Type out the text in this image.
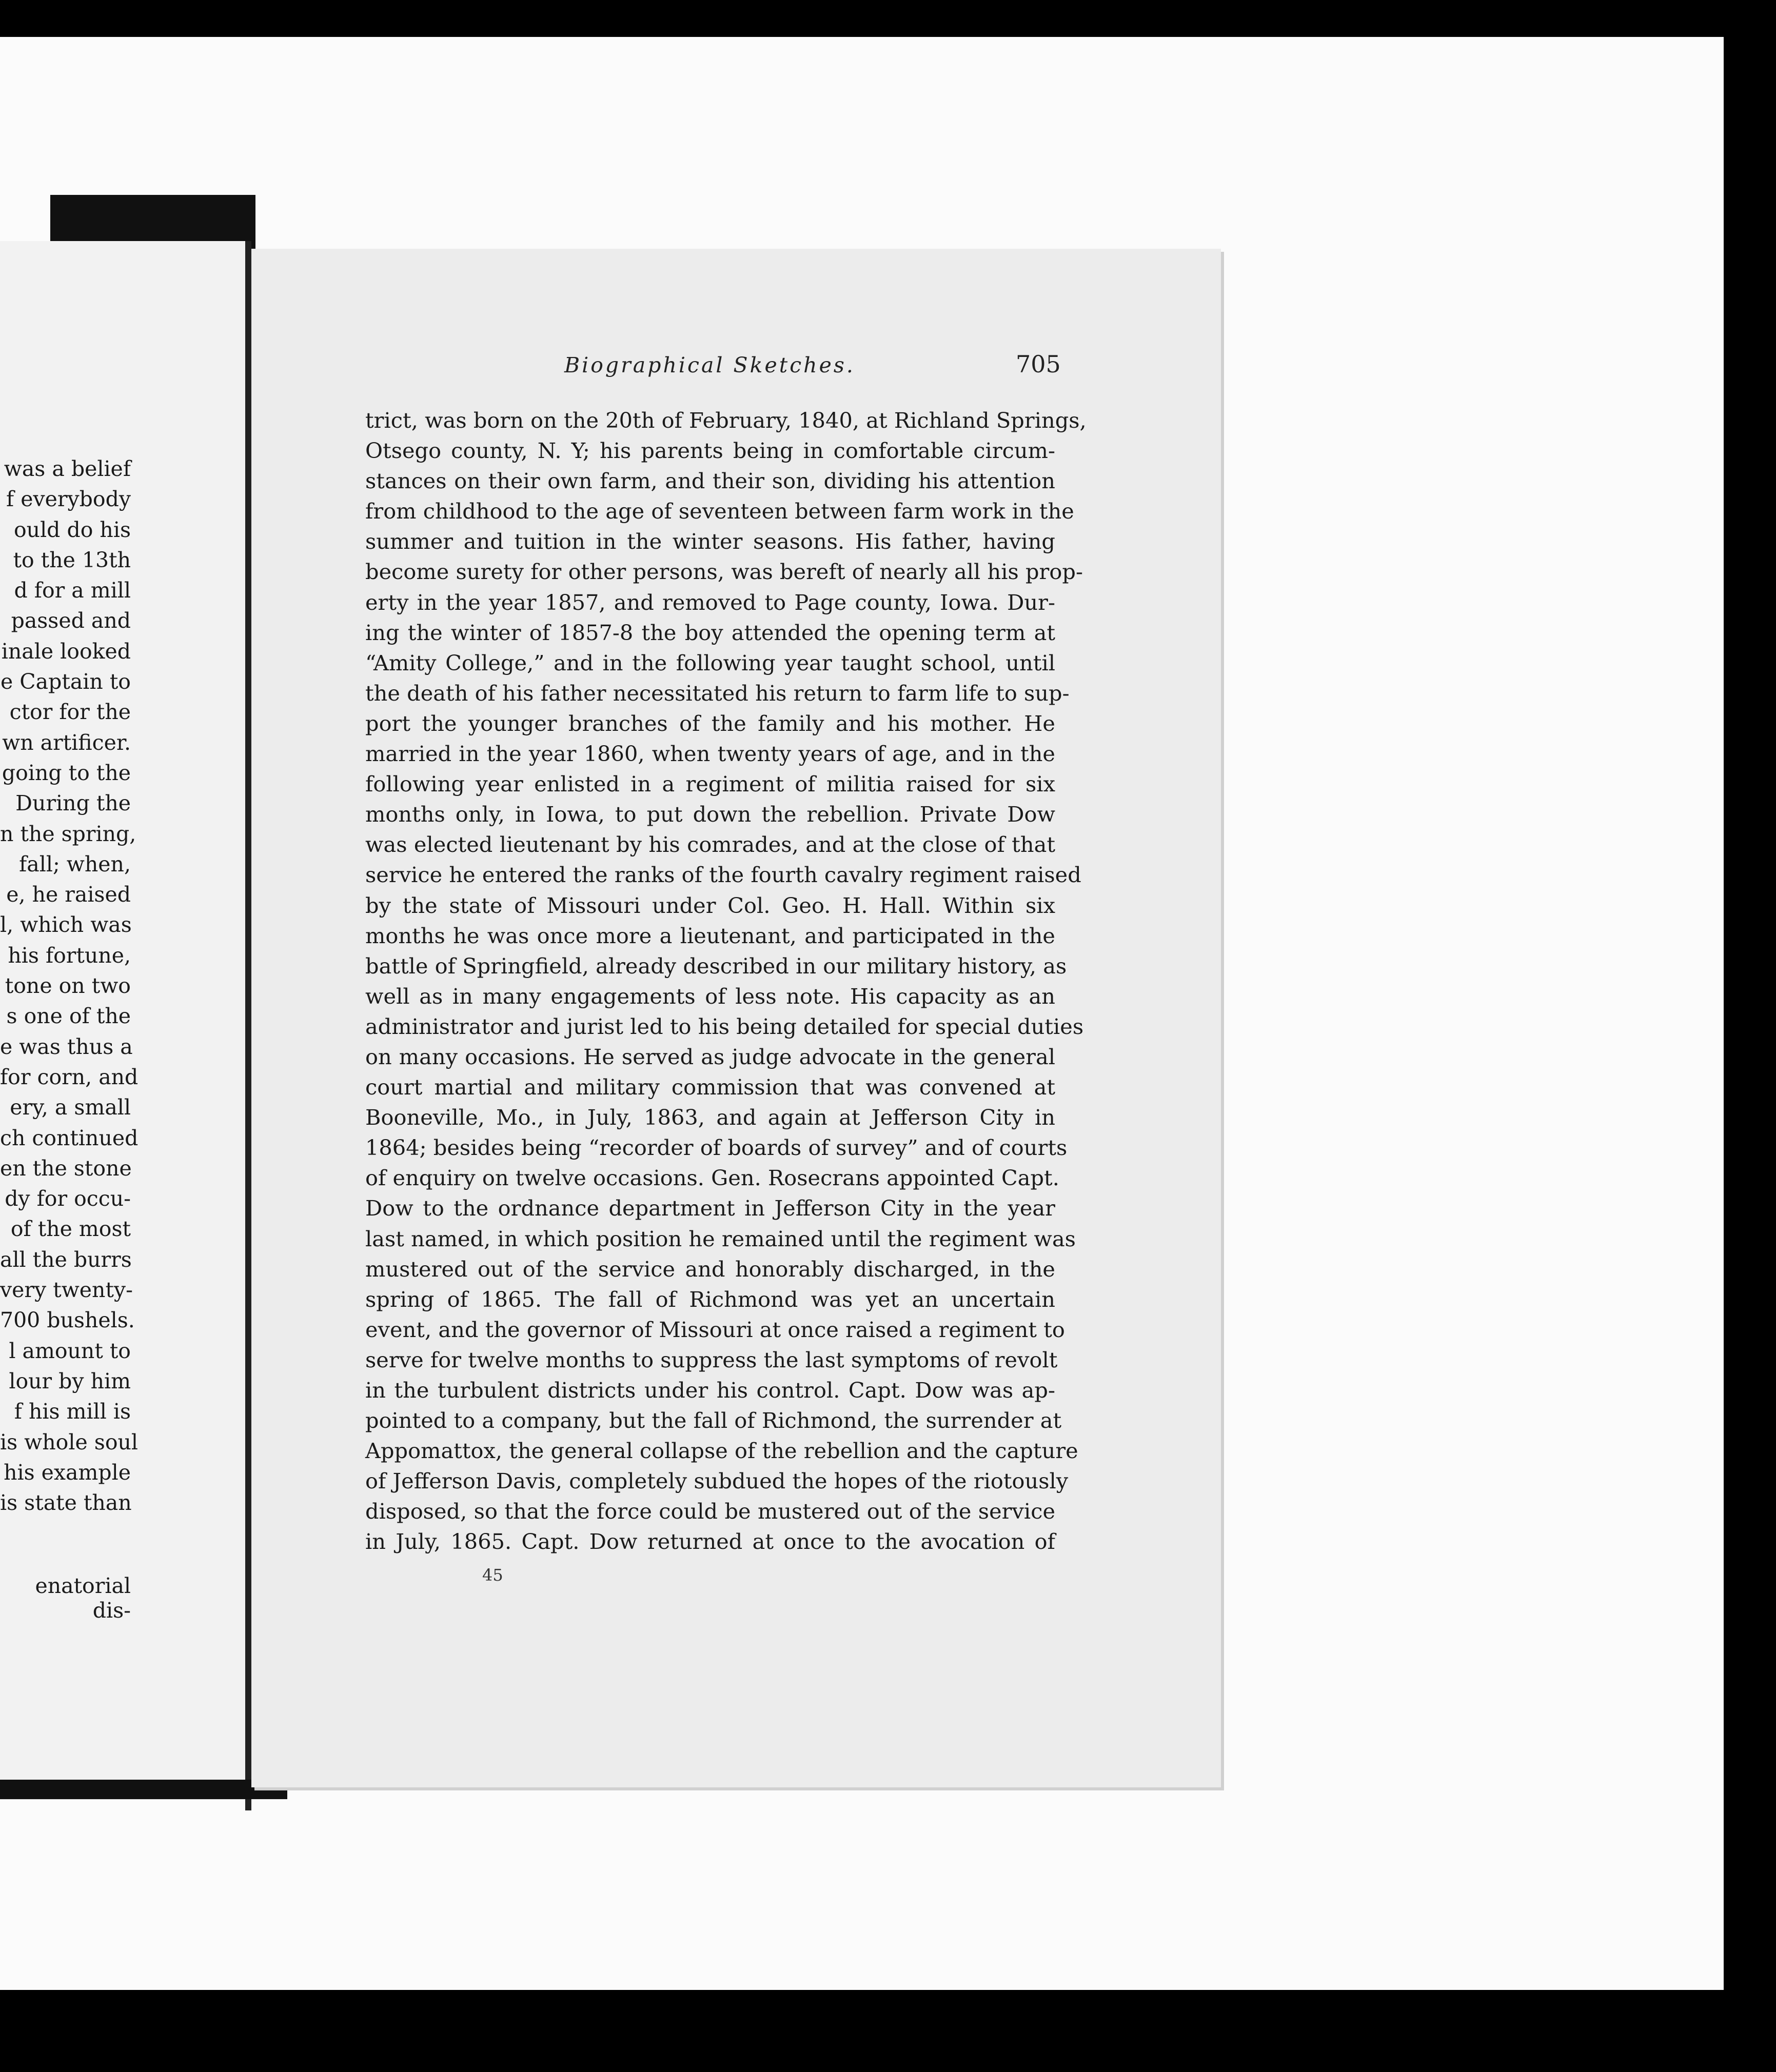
was a belief
f everybody
ould do his
to the 13th
d for a mill
passed and
inale looked
e Captain to
ctor for the
wn artificer.
going to the
During the
n the spring,
fall; when,
e, he raised
l, which was
his fortune,
tone on two
s one of the
e was thus a
for corn, and
ery, a small
ch continued
en the stone
dy for occu-
of the most
all the burrs
very twenty-
700 bushels.
l amount to
lour by him
f his mill is
is whole soul
his example
is state than
enatorial dis-
Biographical Sketches.	705
trict, was born on the 20th of February, 1840, at Richland Springs,
Otsego county, N. Y; his parents being in comfortable circum-
stances on their own farm, and their son, dividing his attention
from childhood to the age of seventeen between farm work in the
summer and tuition in the winter seasons. His father, having
become surety for other persons, was bereft of nearly all his prop-
erty in the year 1857, and removed to Page county, Iowa. Dur-
ing the winter of 1857-8 the boy attended the opening term at
“Amity College,” and in the following year taught school, until
the death of his father necessitated his return to farm life to sup-
port the younger branches of the family and his mother. He
married in the year 1860, when twenty years of age, and in the
following year enlisted in a regiment of militia raised for six
months only, in Iowa, to put down the rebellion. Private Dow
was elected lieutenant by his comrades, and at the close of that
service he entered the ranks of the fourth cavalry regiment raised
by the state of Missouri under Col. Geo. H. Hall. Within six
months he was once more a lieutenant, and participated in the
battle of Springfield, already described in our military history, as
well as in many engagements of less note. His capacity as an
administrator and jurist led to his being detailed for special duties
on many occasions. He served as judge advocate in the general
court martial and military commission that was convened at
Booneville, Mo., in July, 1863, and again at Jefferson City in
1864; besides being “recorder of boards of survey” and of courts
of enquiry on twelve occasions. Gen. Rosecrans appointed Capt.
Dow to the ordnance department in Jefferson City in the year
last named, in which position he remained until the regiment was
mustered out of the service and honorably discharged, in the
spring of 1865. The fall of Richmond was yet an uncertain
event, and the governor of Missouri at once raised a regiment to
serve for twelve months to suppress the last symptoms of revolt
in the turbulent districts under his control. Capt. Dow was ap-
pointed to a company, but the fall of Richmond, the surrender at
Appomattox, the general collapse of the rebellion and the capture
of Jefferson Davis, completely subdued the hopes of the riotously
disposed, so that the force could be mustered out of the service
in July, 1865. Capt. Dow returned at once to the avocation of
45
